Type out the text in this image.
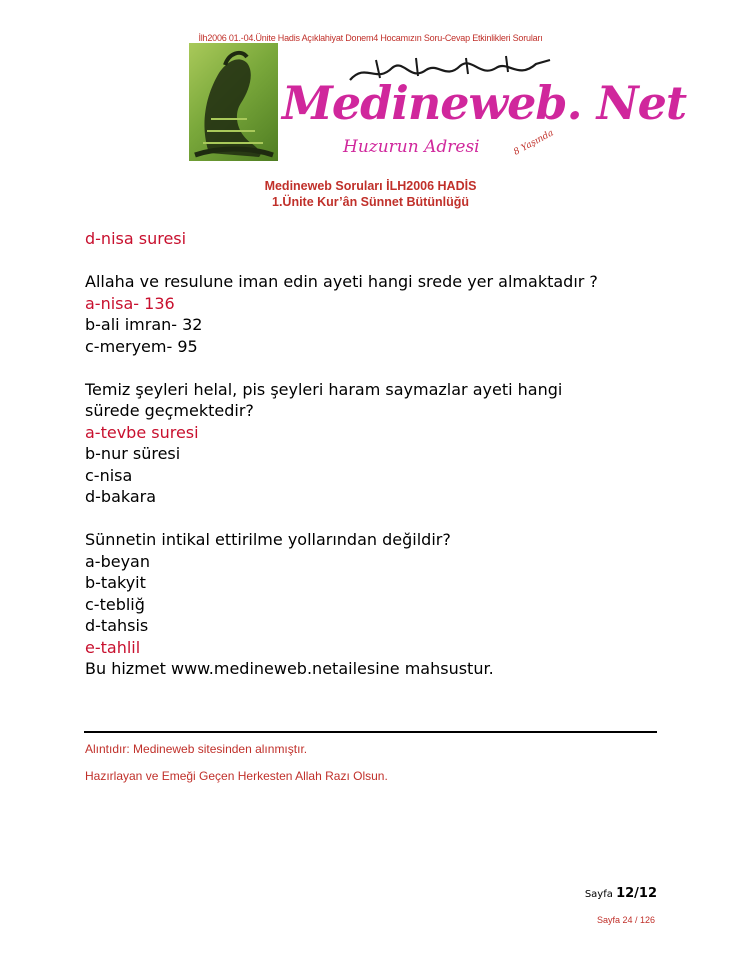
İlh2006 01.-04.Ünite Hadis Açıklahiyat Donem4 Hocamızın Soru-Cevap Etkinlikleri Soruları
Medineweb. Net
Huzurun Adresi	8 Yaşında
Medineweb Soruları İLH2006 HADİS
1.Ünite Kur’ân Sünnet Bütünlüğü
d-nisa suresi
Allaha ve resulune iman edin ayeti hangi srede yer almaktadır ?
a-nisa- 136
b-ali imran- 32
c-meryem- 95
Temiz şeyleri helal, pis şeyleri haram saymazlar ayeti hangi
sürede geçmektedir?
a-tevbe suresi
b-nur süresi
c-nisa
d-bakara
Sünnetin intikal ettirilme yollarından değildir?
a-beyan
b-takyit
c-tebliğ
d-tahsis
e-tahlil
Bu hizmet www.medineweb.netailesine mahsustur.
Alıntıdır: Medineweb sitesinden alınmıştır.
Hazırlayan ve Emeği Geçen Herkesten Allah Razı Olsun.
Sayfa 12/12
Sayfa 24 / 126
